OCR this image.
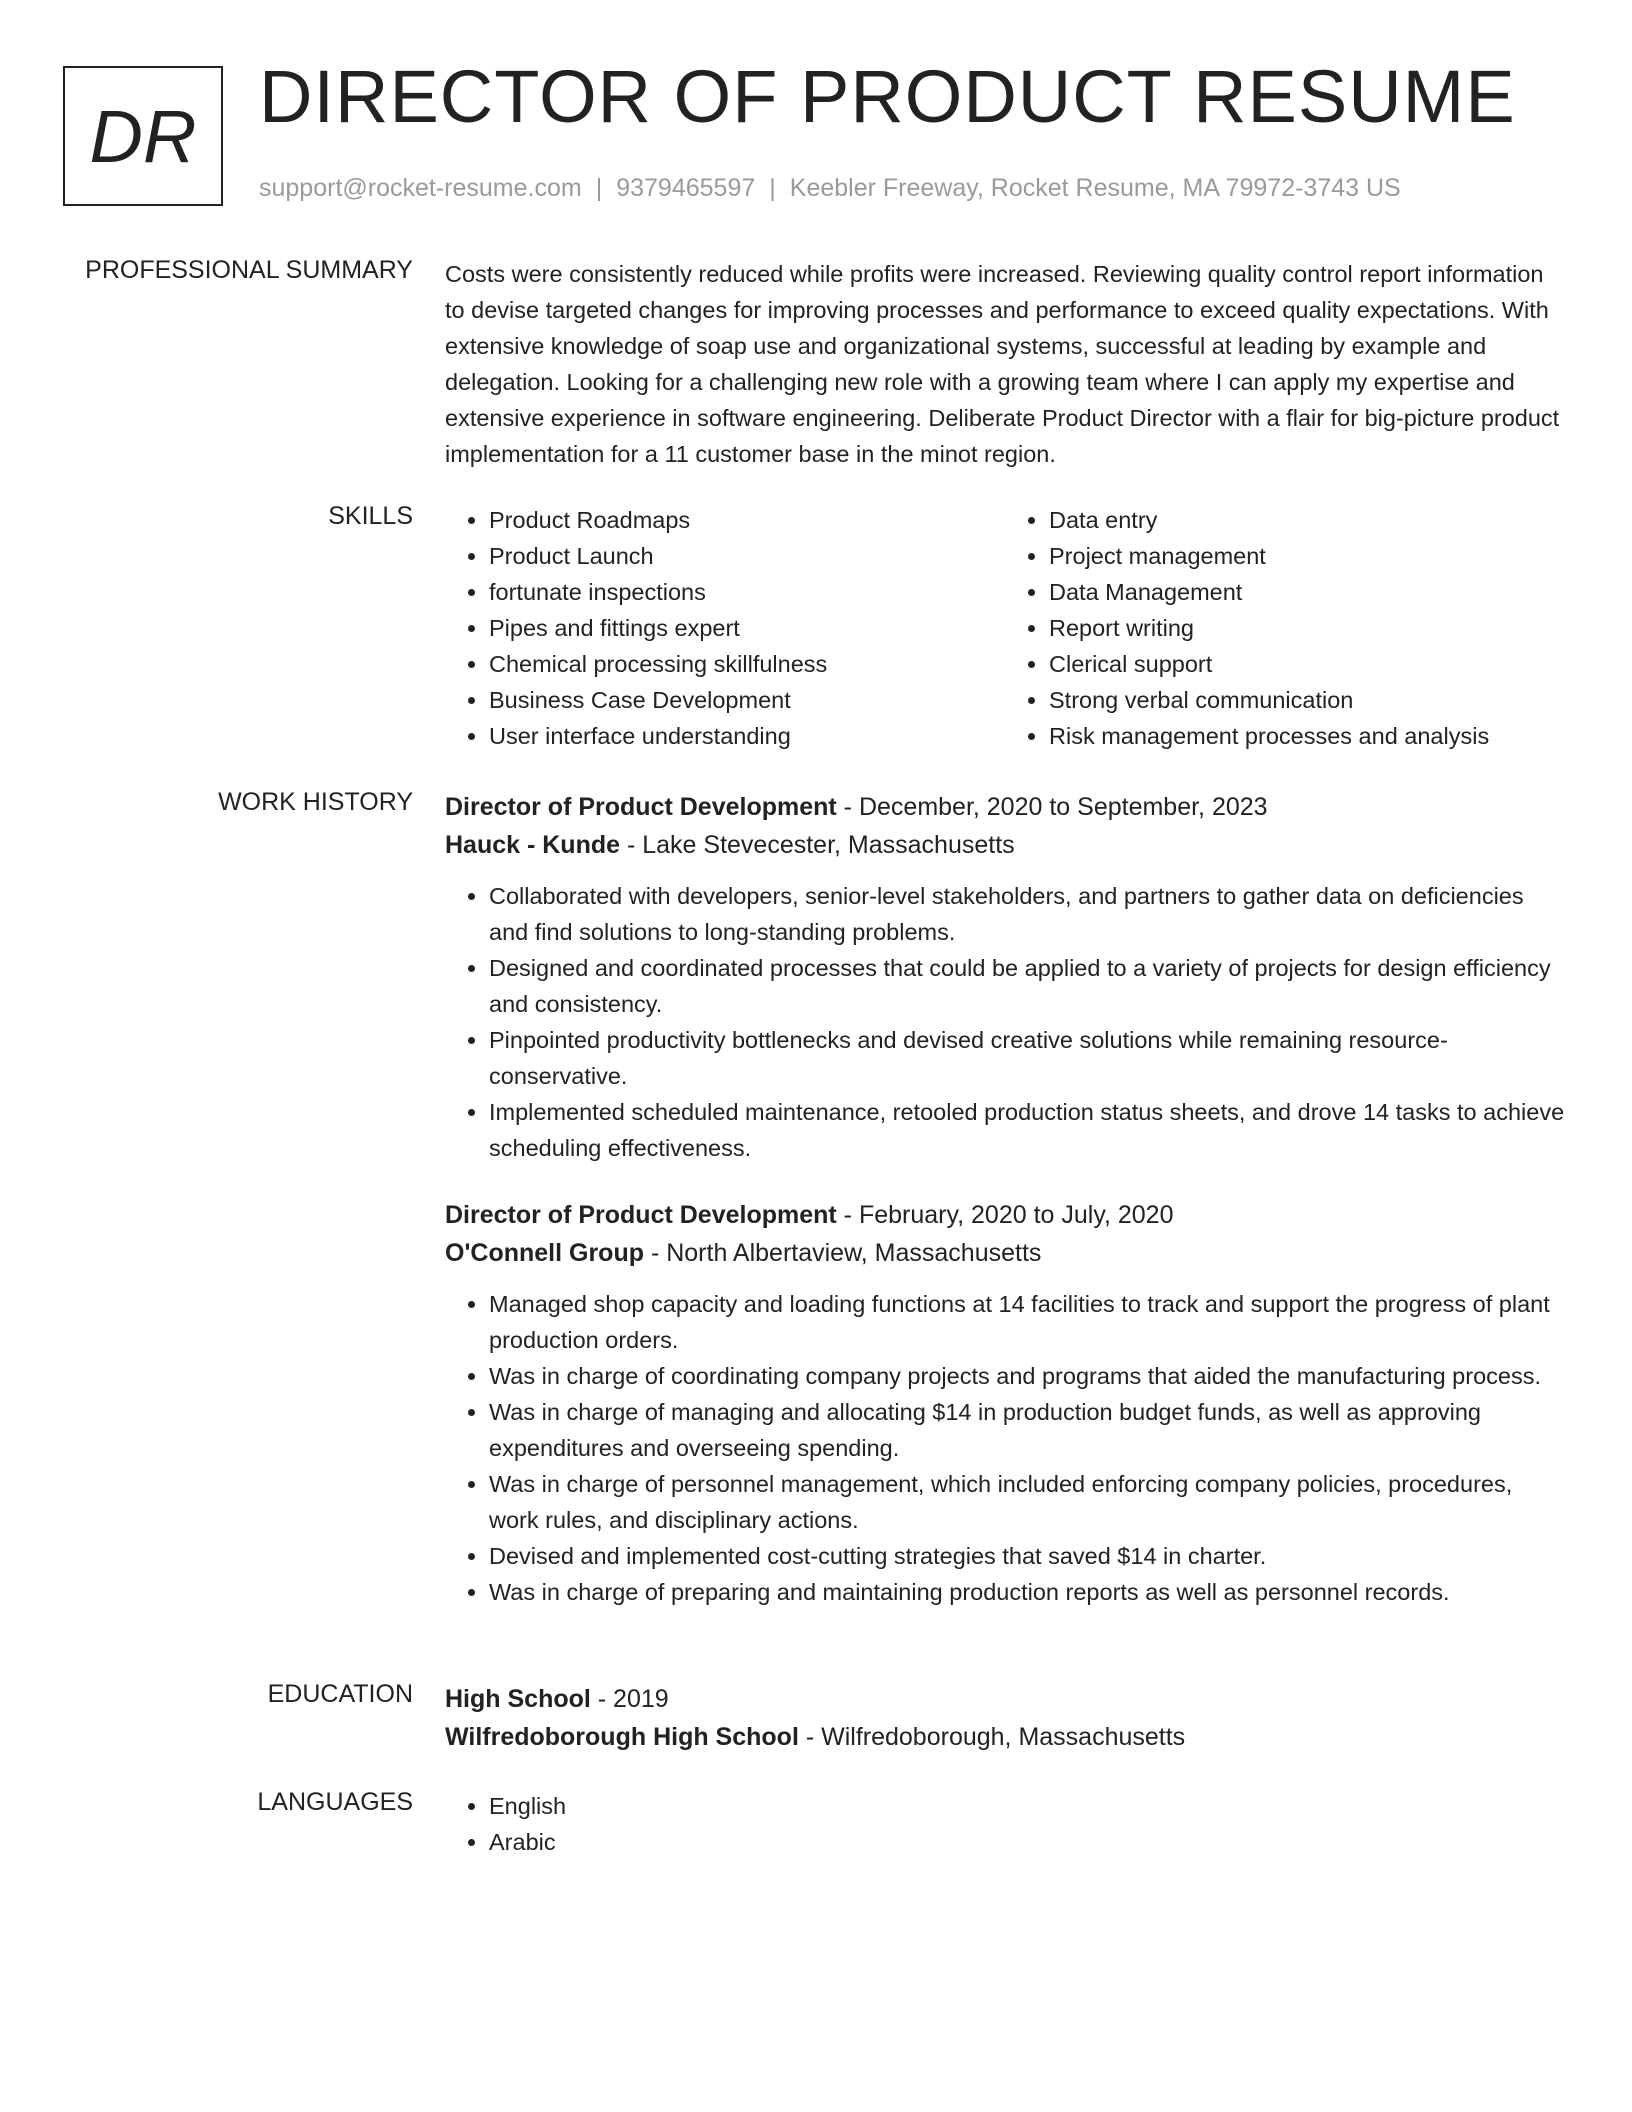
DR DIRECTOR OF PRODUCT RESUME
support@rocket-resume.com | 9379465597 | Keebler Freeway, Rocket Resume, MA 79972-3743 US
PROFESSIONAL SUMMARY Costs were consistently reduced while profits were increased. Reviewing quality control report information to devise targeted changes for improving processes and performance to exceed quality expectations. With extensive knowledge of soap use and organizational systems, successful at leading by example and delegation. Looking for a challenging new role with a growing team where I can apply my expertise and extensive experience in software engineering. Deliberate Product Director with a flair for big-picture product implementation for a 11 customer base in the minot region.

SKILLS	• Product Roadmaps
• Product Launch
• fortunate inspections
• Pipes and fittings expert
• Chemical processing skillfulness
• Business Case Development
• User interface understanding
• Data entry
• Project management
• Data Management
• Report writing
• Clerical support
• Strong verbal communication
• Risk management processes and analysis
WORK HISTORY Director of Product Development - December, 2020 to September, 2023
Hauck - Kunde - Lake Stevecester, Massachusetts
• Collaborated with developers, senior-level stakeholders, and partners to gather data on deficiencies and find solutions to long-standing problems.
• Designed and coordinated processes that could be applied to a variety of projects for design efficiency and consistency.
• Pinpointed productivity bottlenecks and devised creative solutions while remaining resource-conservative.
• Implemented scheduled maintenance, retooled production status sheets, and drove 14 tasks to achieve scheduling effectiveness.
Director of Product Development - February, 2020 to July, 2020
O'Connell Group - North Albertaview, Massachusetts
• Managed shop capacity and loading functions at 14 facilities to track and support the progress of plant production orders.
• Was in charge of coordinating company projects and programs that aided the manufacturing process.
• Was in charge of managing and allocating $14 in production budget funds, as well as approving expenditures and overseeing spending.
• Was in charge of personnel management, which included enforcing company policies, procedures, work rules, and disciplinary actions.
• Devised and implemented cost-cutting strategies that saved $14 in charter.
• Was in charge of preparing and maintaining production reports as well as personnel records.
EDUCATION High School - 2019
Wilfredoborough High School - Wilfredoborough, Massachusetts
LANGUAGES	• English
• Arabic
